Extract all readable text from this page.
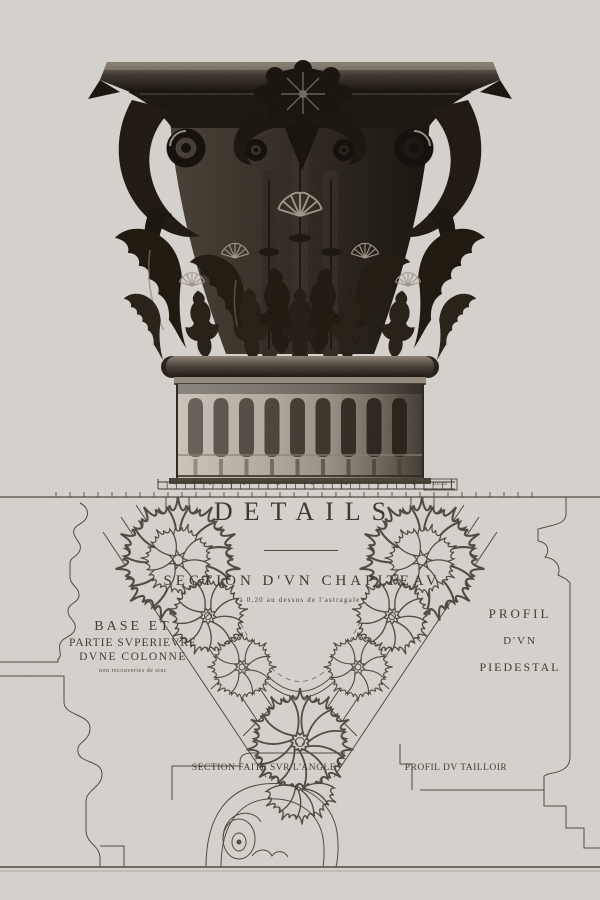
DETAILS
SECTION D'VN CHAPITEAV
à 0,20 au dessus de l'astragale
BASE ET
PARTIE SVPERIEVRE
DVNE COLONNE
non recouvertes de stuc
PROFIL
D'VN
PIEDESTAL
SECTION FAITE SVR L'ANGLE	PROFIL DV TAILLOIR
1	2	3	4	5	6	7	8	0,6725
